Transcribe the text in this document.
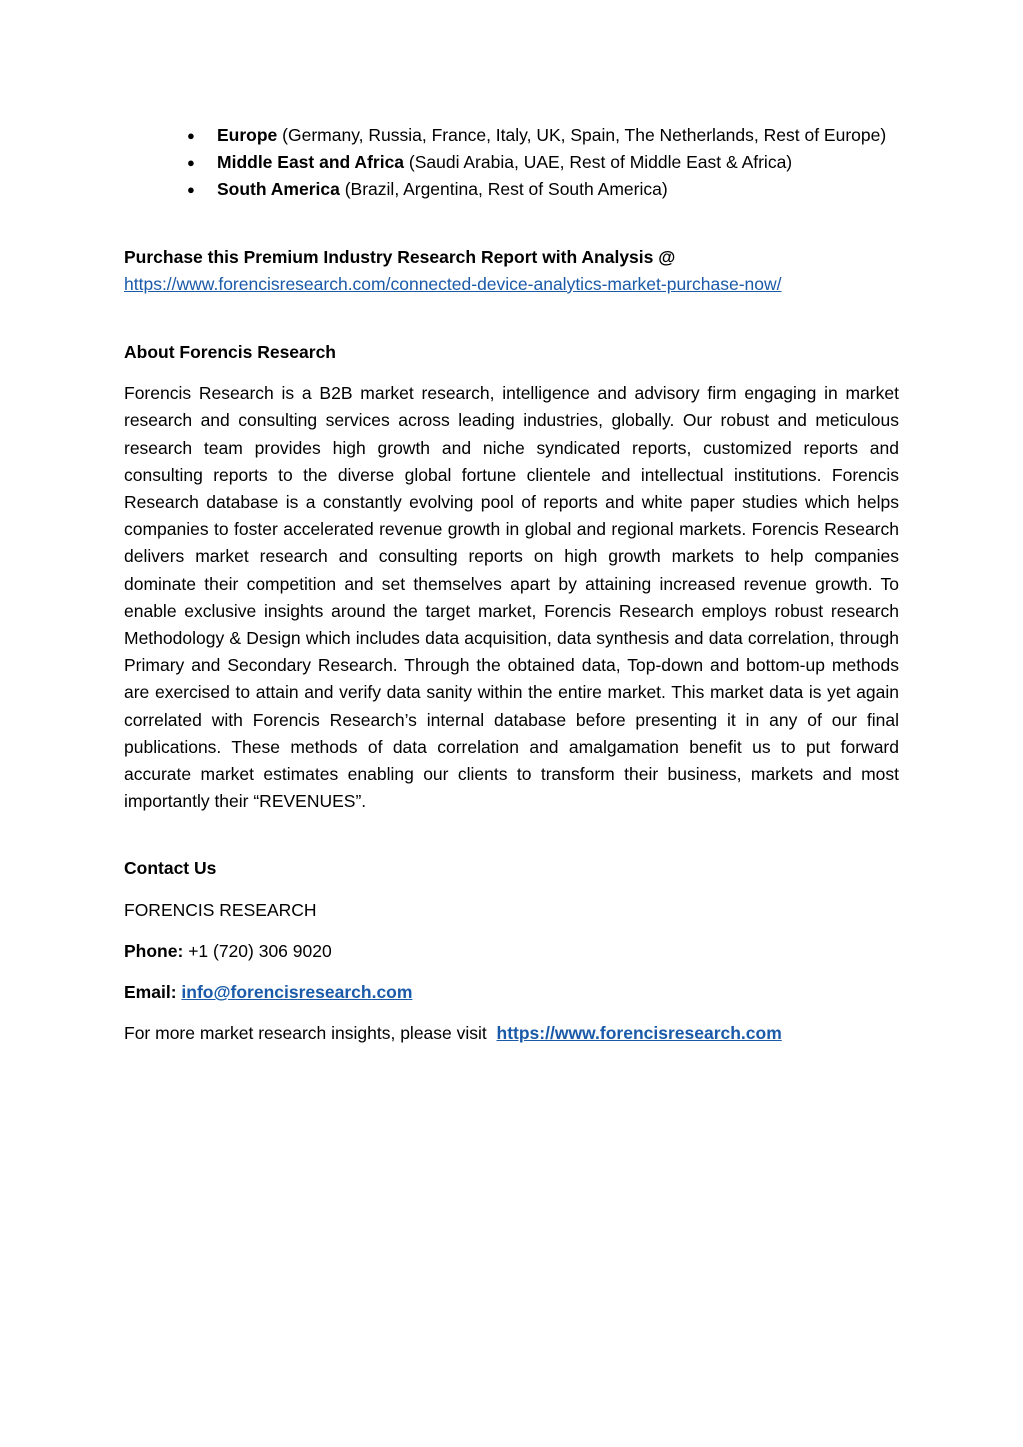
● Europe (Germany, Russia, France, Italy, UK, Spain, The Netherlands, Rest of Europe)
● Middle East and Africa (Saudi Arabia, UAE, Rest of Middle East & Africa)
● South America (Brazil, Argentina, Rest of South America)

Purchase this Premium Industry Research Report with Analysis @

https://www.forencisresearch.com/connected-device-analytics-market-purchase-now/

About Forencis Research

Forencis Research is a B2B market research, intelligence and advisory firm engaging in market research and consulting services across leading industries, globally. Our robust and meticulous research team provides high growth and niche syndicated reports, customized reports and consulting reports to the diverse global fortune clientele and intellectual institutions. Forencis Research database is a constantly evolving pool of reports and white paper studies which helps companies to foster accelerated revenue growth in global and regional markets. Forencis Research delivers market research and consulting reports on high growth markets to help companies dominate their competition and set themselves apart by attaining increased revenue growth. To enable exclusive insights around the target market, Forencis Research employs robust research Methodology & Design which includes data acquisition, data synthesis and data correlation, through Primary and Secondary Research. Through the obtained data, Top-down and bottom-up methods are exercised to attain and verify data sanity within the entire market. This market data is yet again correlated with Forencis Research’s internal database before presenting it in any of our final publications. These methods of data correlation and amalgamation benefit us to put forward accurate market estimates enabling our clients to transform their business, markets and most importantly their “REVENUES”.

Contact Us

FORENCIS RESEARCH

Phone: +1 (720) 306 9020

Email: info@forencisresearch.com

For more market research insights, please visit https://www.forencisresearch.com
